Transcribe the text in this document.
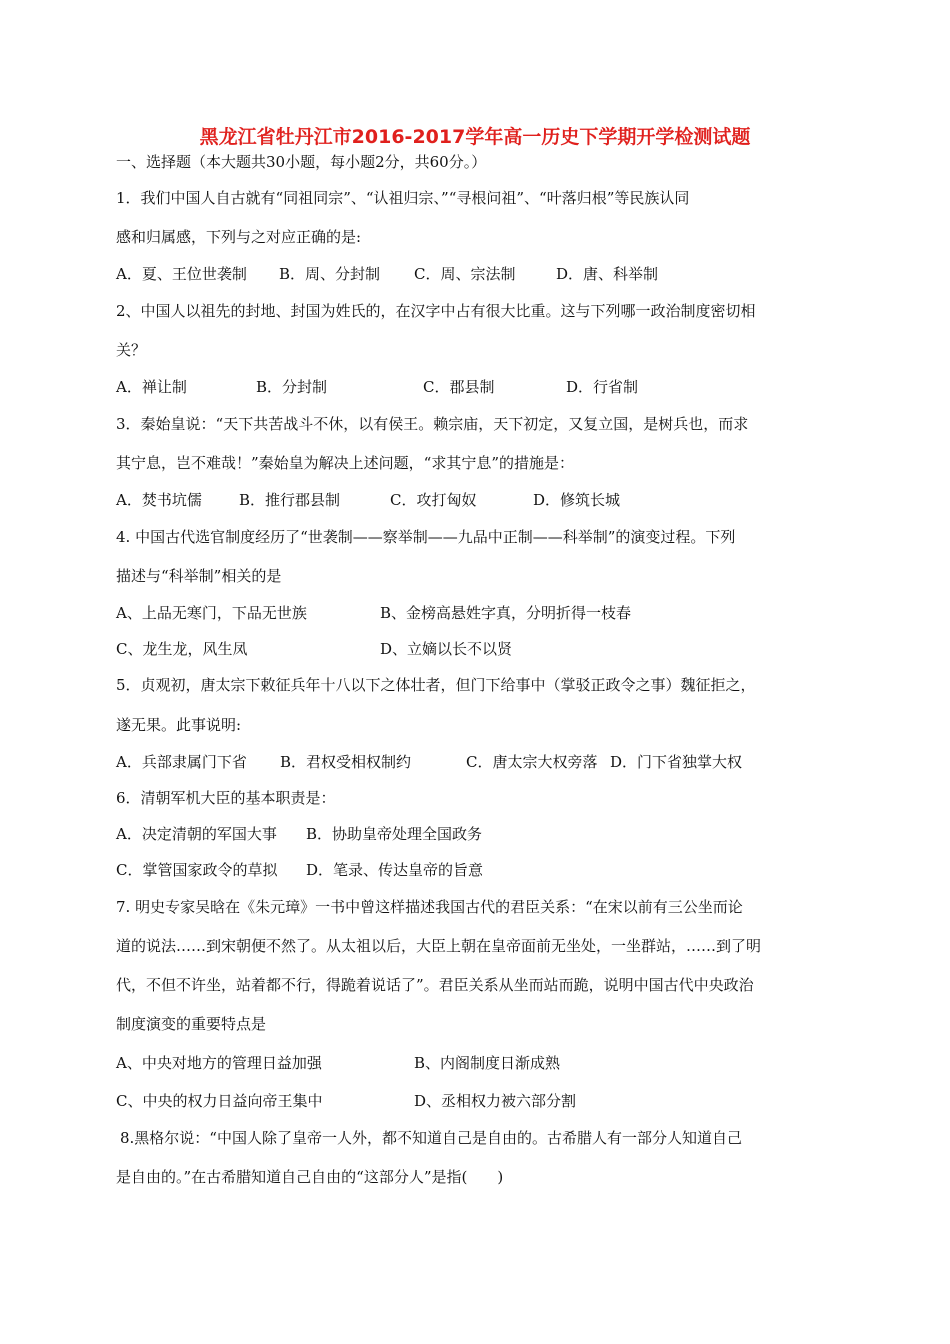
黑龙江省牡丹江市2016-2017学年高一历史下学期开学检测试题
一、选择题（本大题共30小题，每小题2分，共60分。）
1．我们中国人自古就有“同祖同宗”、“认祖归宗、”“寻根问祖”、“叶落归根”等民族认同
感和归属感，下列与之对应正确的是:
A．夏、王位世袭制 B．周、分封制 C．周、宗法制	D．唐、科举制
2、中国人以祖先的封地、封国为姓氏的，在汉字中占有很大比重。这与下列哪一政治制度密切相
关？
A．禅让制	B．分封制	C．郡县制	D．行省制
3．秦始皇说：“天下共苦战斗不休，以有侯王。赖宗庙，天下初定，又复立国，是树兵也，而求
其宁息，岂不难哉！”秦始皇为解决上述问题，“求其宁息”的措施是：
A．焚书坑儒 B．推行郡县制	C．攻打匈奴	D．修筑长城
4. 中国古代选官制度经历了“世袭制——察举制——九品中正制——科举制”的演变过程。下列
描述与“科举制”相关的是
A、上品无寒门，下品无世族	B、金榜高悬姓字真，分明折得一枝春
C、龙生龙，风生凤	D、立嫡以长不以贤
5．贞观初，唐太宗下敕征兵年十八以下之体壮者，但门下给事中（掌驳正政令之事）魏征拒之，
遂无果。此事说明:
A．兵部隶属门下省 B．君权受相权制约	C．唐太宗大权旁落 D．门下省独掌大权
6．清朝军机大臣的基本职责是：
A．决定清朝的军国大事 B．协助皇帝处理全国政务
C．掌管国家政令的草拟 D．笔录、传达皇帝的旨意
7. 明史专家吴晗在《朱元璋》一书中曾这样描述我国古代的君臣关系：“在宋以前有三公坐而论
道的说法……到宋朝便不然了。从太祖以后，大臣上朝在皇帝面前无坐处，一坐群站，……到了明
代，不但不许坐，站着都不行，得跪着说话了”。君臣关系从坐而站而跪，说明中国古代中央政治
制度演变的重要特点是
A、中央对地方的管理日益加强	B、内阁制度日渐成熟
C、中央的权力日益向帝王集中	D、丞相权力被六部分割
8.黑格尔说：“中国人除了皇帝一人外，都不知道自己是自由的。古希腊人有一部分人知道自己
是自由的。”在古希腊知道自己自由的“这部分人”是指(　　)
